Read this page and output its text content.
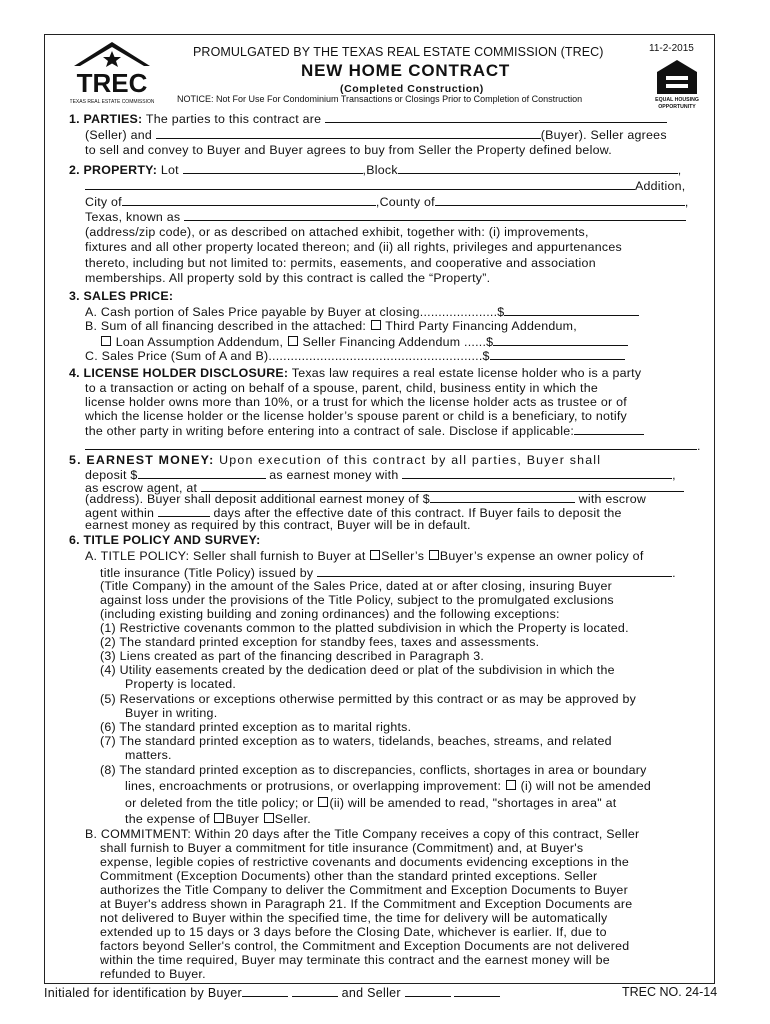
TREC
TEXAS REAL ESTATE COMMISSION	EQUAL HOUSING
OPPORTUNITY
PROMULGATED BY THE TEXAS REAL ESTATE COMMISSION (TREC)	11-2-2015
NEW HOME CONTRACT
(Completed Construction)
NOTICE: Not For Use For Condominium Transactions or Closings Prior to Completion of Construction
1. PARTIES: The parties to this contract are
(Seller) and	(Buyer). Seller agrees
to sell and convey to Buyer and Buyer agrees to buy from Seller the Property defined below.
2. PROPERTY: Lot	,Block	,
Addition,
City of	,County of	,
Texas, known as
(address/zip code), or as described on attached exhibit, together with: (i) improvements,
fixtures and all other property located thereon; and (ii) all rights, privileges and appurtenances
thereto, including but not limited to: permits, easements, and cooperative and association
memberships. All property sold by this contract is called the “Property”.
3. SALES PRICE:
A. Cash portion of Sales Price payable by Buyer at closing.....................$
B. Sum of all financing described in the attached:  Third Party Financing Addendum,
Loan Assumption Addendum,  Seller Financing Addendum ......$
C. Sales Price (Sum of A and B)..........................................................$
4. LICENSE HOLDER DISCLOSURE: Texas law requires a real estate license holder who is a party
to a transaction or acting on behalf of a spouse, parent, child, business entity in which the
license holder owns more than 10%, or a trust for which the license holder acts as trustee or of
which the license holder or the license holder’s spouse parent or child is a beneficiary, to notify
the other party in writing before entering into a contract of sale. Disclose if applicable:
.
5. EARNEST MONEY: Upon execution of this contract by all parties, Buyer shall
deposit $	as earnest money with	,
as escrow agent, at
(address). Buyer shall deposit additional earnest money of $	with escrow
agent within	days after the effective date of this contract. If Buyer fails to deposit the
earnest money as required by this contract, Buyer will be in default.
6. TITLE POLICY AND SURVEY:
A. TITLE POLICY: Seller shall furnish to Buyer at Seller’s Buyer’s expense an owner policy of
title insurance (Title Policy) issued by	.
(Title Company) in the amount of the Sales Price, dated at or after closing, insuring Buyer
against loss under the provisions of the Title Policy, subject to the promulgated exclusions
(including existing building and zoning ordinances) and the following exceptions:
(1) Restrictive covenants common to the platted subdivision in which the Property is located.
(2) The standard printed exception for standby fees, taxes and assessments.
(3) Liens created as part of the financing described in Paragraph 3.
(4) Utility easements created by the dedication deed or plat of the subdivision in which the
Property is located.
(5) Reservations or exceptions otherwise permitted by this contract or as may be approved by
Buyer in writing.
(6) The standard printed exception as to marital rights.
(7) The standard printed exception as to waters, tidelands, beaches, streams, and related
matters.
(8) The standard printed exception as to discrepancies, conflicts, shortages in area or boundary
lines, encroachments or protrusions, or overlapping improvement:  (i) will not be amended
or deleted from the title policy; or (ii) will be amended to read, "shortages in area" at
the expense of Buyer Seller.
B. COMMITMENT: Within 20 days after the Title Company receives a copy of this contract, Seller
shall furnish to Buyer a commitment for title insurance (Commitment) and, at Buyer's
expense, legible copies of restrictive covenants and documents evidencing exceptions in the
Commitment (Exception Documents) other than the standard printed exceptions. Seller
authorizes the Title Company to deliver the Commitment and Exception Documents to Buyer
at Buyer's address shown in Paragraph 21. If the Commitment and Exception Documents are
not delivered to Buyer within the specified time, the time for delivery will be automatically
extended up to 15 days or 3 days before the Closing Date, whichever is earlier. If, due to
factors beyond Seller's control, the Commitment and Exception Documents are not delivered
within the time required, Buyer may terminate this contract and the earnest money will be
refunded to Buyer.
Initialed for identification by Buyer	and Seller	TREC NO. 24-14
